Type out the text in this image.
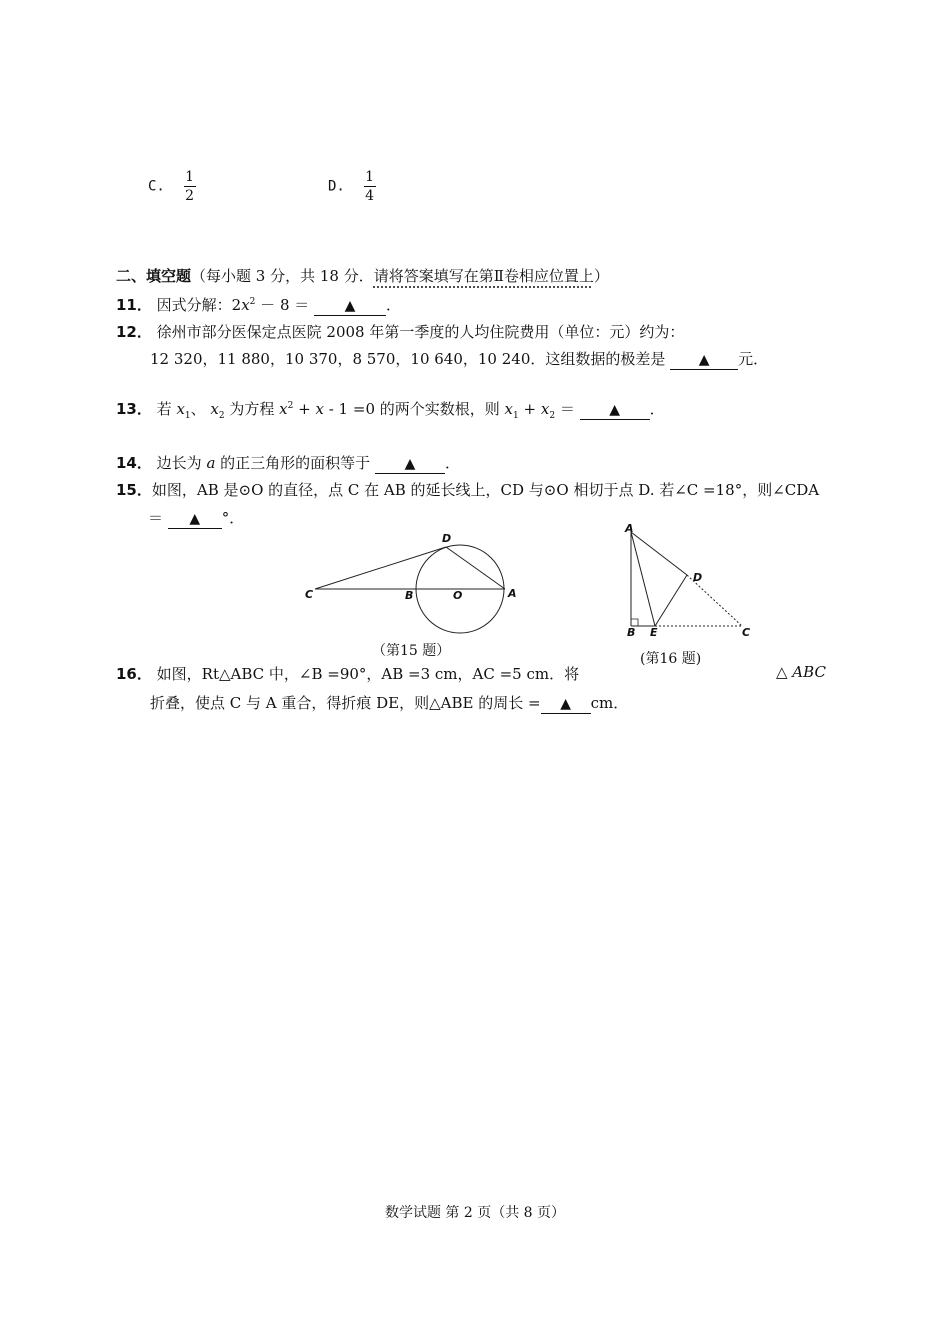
C. $\frac{1}{2}$	D. $\frac{1}{4}$
二、填空题（每小题 3 分，共 18 分．请将答案填写在第Ⅱ卷相应位置上）
11． 因式分解：$2x^2 - 8$ ＝	▲ ．
12． 徐州市部分医保定点医院 2008 年第一季度的人均住院费用（单位：元）约为：
12 320，11 880，10 370，8 570，10 640，10 240．这组数据的极差是 ▲ 元．
13． 若 $x_1$、 $x_2$ 为方程 $x^2 + x - 1 =0$ 的两个实数根，则 $x_1 + x_2$ ＝ ▲ ．
14． 边长为 a 的正三角形的面积等于 ▲ ．
15．如图，AB 是⊙O 的直径，点 C 在 AB 的延长线上，CD 与⊙O 相切于点 D. 若∠C =18°，则∠CDA
＝ ▲ °．
C	B	O	A
D
（第15 题）
A
B E	C
D
(第16 题)
16． 如图，Rt△ABC 中，∠B =90°，AB =3 cm，AC =5 cm．将	△ ABC
折叠，使点 C 与 A 重合，得折痕 DE，则△ABE 的周长 = ▲ cm．
数学试题 第 2 页（共 8 页）
